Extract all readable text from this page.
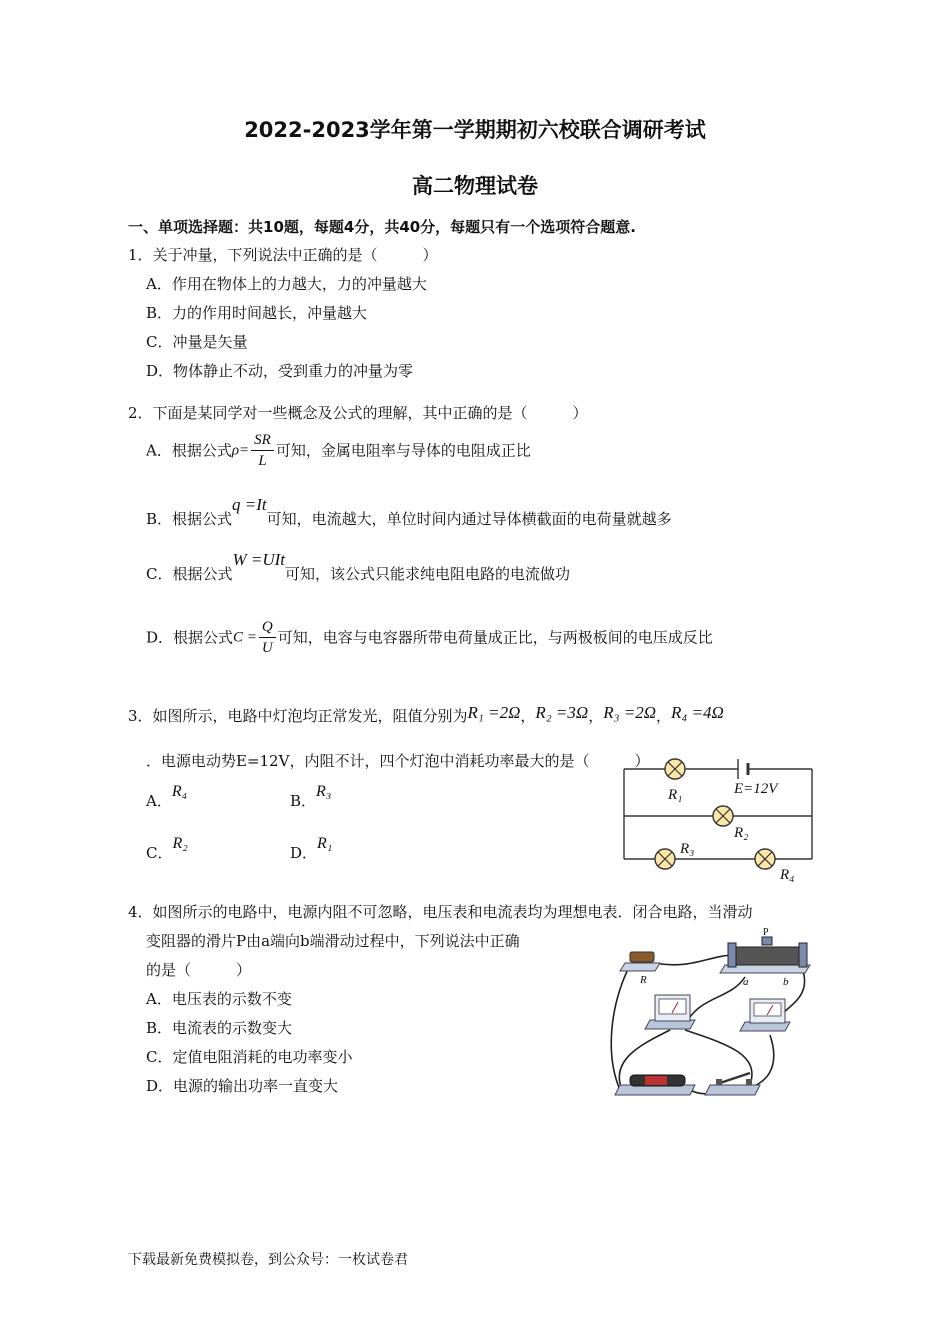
2022-2023学年第一学期期初六校联合调研考试
高二物理试卷
一、单项选择题：共10题，每题4分，共40分，每题只有一个选项符合题意.
1．关于冲量，下列说法中正确的是（　　　）
A．作用在物体上的力越大，力的冲量越大
B．力的作用时间越长，冲量越大
C．冲量是矢量
D．物体静止不动，受到重力的冲量为零
2．下面是某同学对一些概念及公式的理解，其中正确的是（　　　）
A．根据公式$\rho= \frac{SR}{L}$ 可知，金属电阻率与导体的电阻成正比
B．根据公式q =It可知，电流越大，单位时间内通过导体横截面的电荷量就越多
C．根据公式W =UIt可知，该公式只能求纯电阻电路的电流做功
D．根据公式$C = \frac{Q}{U}$ 可知，电容与电容器所带电荷量成正比，与两极板间的电压成反比
3．如图所示，电路中灯泡均正常发光，阻值分别为R₁ =2Ω，R₂ =3Ω，R₃ =2Ω，R₄ =4Ω
．电源电动势E=12V，内阻不计，四个灯泡中消耗功率最大的是（　　　）
A．R₄
B．R₃
C．R₂
D．R₁
E=12V
R₁
R₂
R₃
R₄
4．如图所示的电路中，电源内阻不可忽略，电压表和电流表均为理想电表．闭合电路，当滑动
变阻器的滑片P由a端向b端滑动过程中，下列说法中正确
的是（　　　）
A．电压表的示数不变
B．电流表的示数变大
C．定值电阻消耗的电功率变小
D．电源的输出功率一直变大
R
P
a	b
下载最新免费模拟卷，到公众号：一枚试卷君
